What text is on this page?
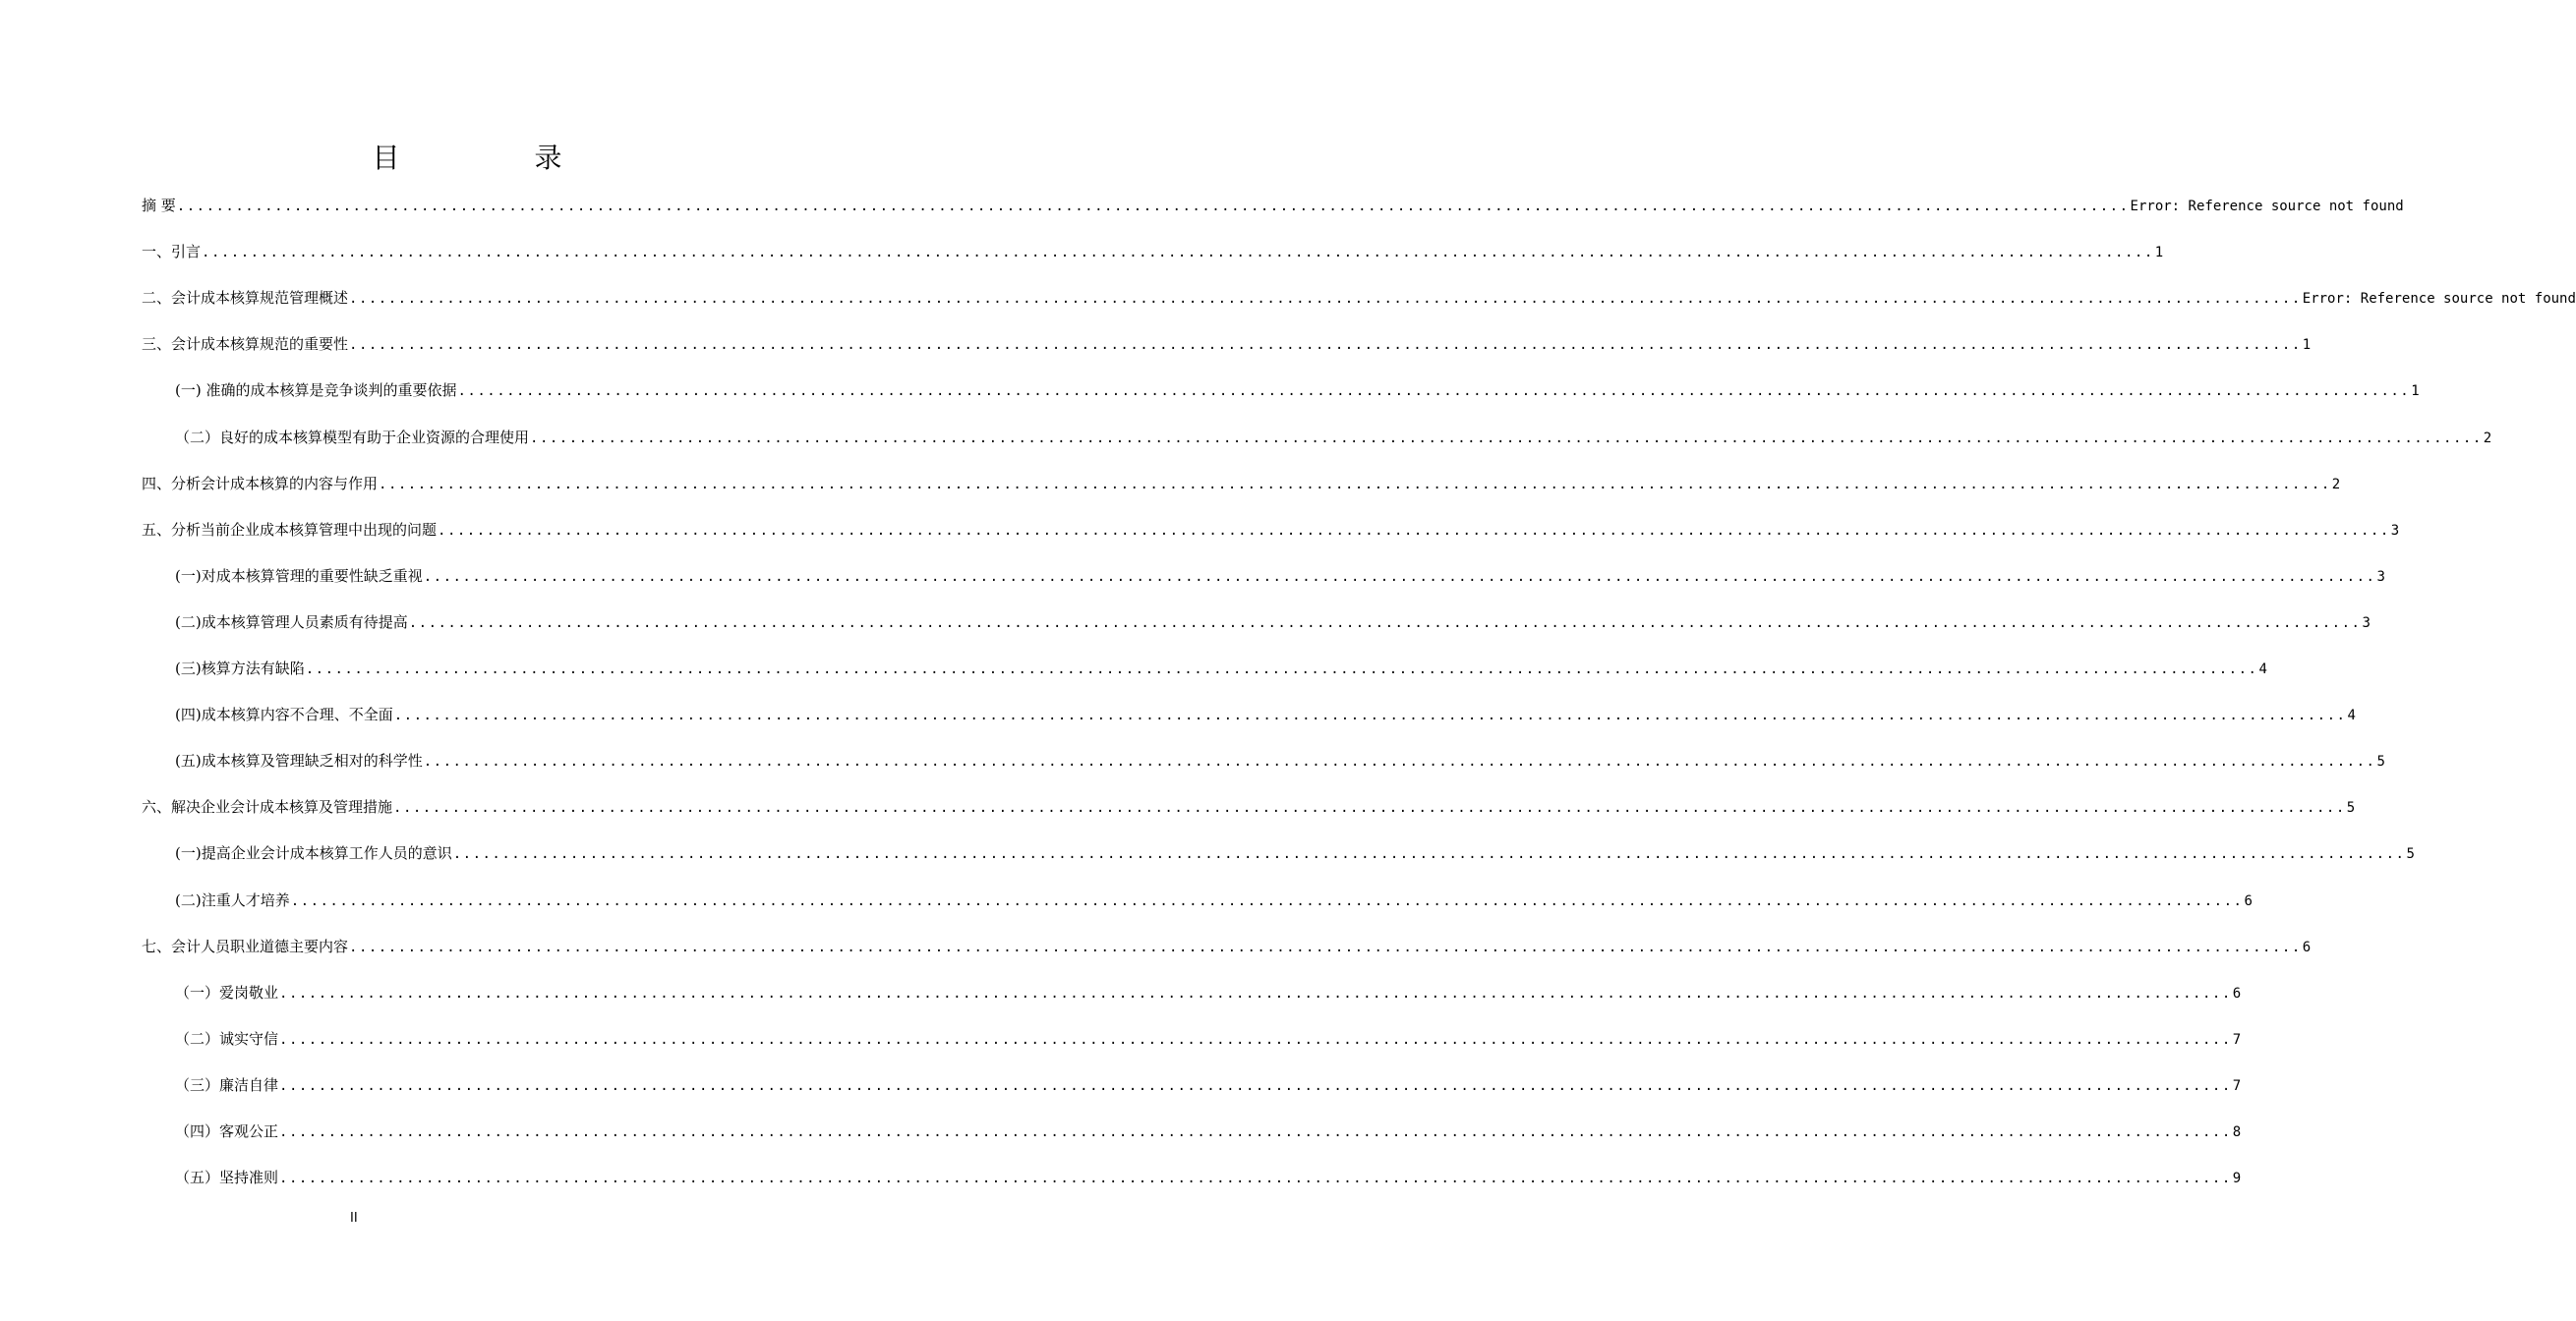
目 录
摘 要 ........................................................................................................................................................................................................ Error: Reference source not found
一、引言 ........................................................................................................................................................................................................ 1
二、会计成本核算规范管理概述 ........................................................................................................................................................................................................ Error: Reference source not found
三、会计成本核算规范的重要性 ........................................................................................................................................................................................................ 1
(一) 准确的成本核算是竞争谈判的重要依据 ........................................................................................................................................................................................................ 1
（二）良好的成本核算模型有助于企业资源的合理使用 ........................................................................................................................................................................................................ 2
四、分析会计成本核算的内容与作用 ........................................................................................................................................................................................................ 2
五、分析当前企业成本核算管理中出现的问题 ........................................................................................................................................................................................................ 3
(一)对成本核算管理的重要性缺乏重视 ........................................................................................................................................................................................................ 3
(二)成本核算管理人员素质有待提高 ........................................................................................................................................................................................................ 3
(三)核算方法有缺陷 ........................................................................................................................................................................................................ 4
(四)成本核算内容不合理、不全面 ........................................................................................................................................................................................................ 4
(五)成本核算及管理缺乏相对的科学性 ........................................................................................................................................................................................................ 5
六、解决企业会计成本核算及管理措施 ........................................................................................................................................................................................................ 5
(一)提高企业会计成本核算工作人员的意识 ........................................................................................................................................................................................................ 5
(二)注重人才培养 ........................................................................................................................................................................................................ 6
七、会计人员职业道德主要内容 ........................................................................................................................................................................................................ 6
（一）爱岗敬业 ........................................................................................................................................................................................................ 6
（二）诚实守信 ........................................................................................................................................................................................................ 7
（三）廉洁自律 ........................................................................................................................................................................................................ 7
（四）客观公正 ........................................................................................................................................................................................................ 8
（五）坚持准则 ........................................................................................................................................................................................................ 9
II
